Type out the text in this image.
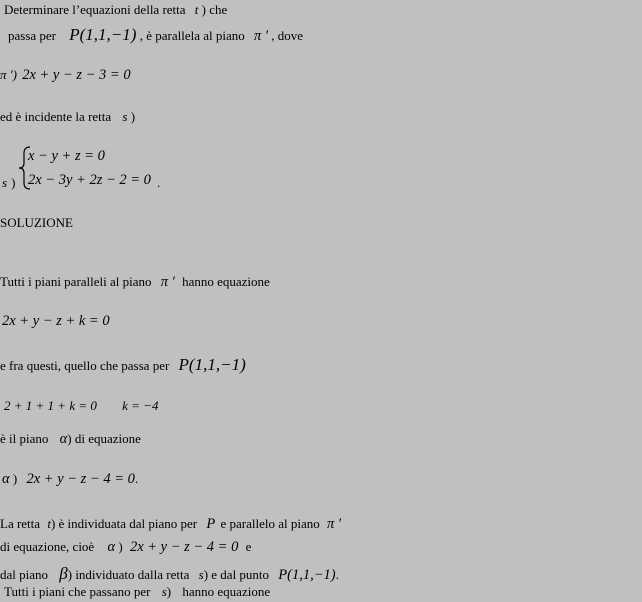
Determinare l’equazioni della retta t ) che
passa per P(1,1,−1) , è parallela al piano π ′ , dove
π ′) 2x + y − z − 3 = 0
ed è incidente la retta s )
s )
x − y + z = 0
2x − 3y + 2z − 2 = 0 .
SOLUZIONE
Tutti i piani paralleli al piano π ′ hanno equazione
2x + y − z + k = 0
e fra questi, quello che passa per P(1,1,−1)
2 + 1 + 1 + k = 0 k = −4
è il piano α) di equazione
α ) 2x + y − z − 4 = 0.
La retta t) è individuata dal piano per P e parallelo al piano π ′
di equazione, cioè α ) 2x + y − z − 4 = 0 e
dal piano β) individuato dalla retta s) e dal punto P(1,1,−1).
Tutti i piani che passano per s) hanno equazione
